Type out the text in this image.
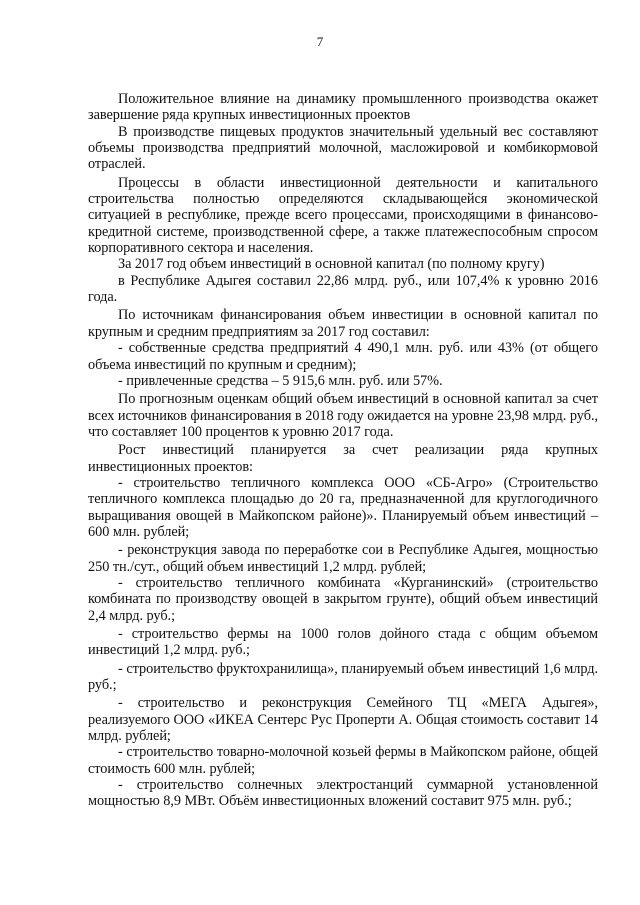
7

Положительное влияние на динамику промышленного производства окажет завершение ряда крупных инвестиционных проектов

В производстве пищевых продуктов значительный удельный вес составляют объемы производства предприятий молочной, масложировой и комбикормовой отраслей.

Процессы в области инвестиционной деятельности и капитального строительства полностью определяются складывающейся экономической ситуацией в республике, прежде всего процессами, происходящими в финансово-кредитной системе, производственной сфере, а также платежеспособным спросом корпоративного сектора и населения.

За 2017 год объем инвестиций в основной капитал (по полному кругу)

в Республике Адыгея составил 22,86 млрд. руб., или 107,4% к уровню 2016 года.

По источникам финансирования объем инвестиции в основной капитал по крупным и средним предприятиям за 2017 год составил:

- собственные средства предприятий 4 490,1 млн. руб. или 43% (от общего объема инвестиций по крупным и средним);

- привлеченные средства – 5 915,6 млн. руб. или 57%.

По прогнозным оценкам общий объем инвестиций в основной капитал за счет всех источников финансирования в 2018 году ожидается на уровне 23,98 млрд. руб., что составляет 100 процентов к уровню 2017 года.

Рост инвестиций планируется за счет реализации ряда крупных инвестиционных проектов:

- строительство тепличного комплекса ООО «СБ-Агро» (Строительство тепличного комплекса площадью до 20 га, предназначенной для круглогодичного выращивания овощей в Майкопском районе)». Планируемый объем инвестиций – 600 млн. рублей;

- реконструкция завода по переработке сои в Республике Адыгея, мощностью 250 тн./сут., общий объем инвестиций 1,2 млрд. рублей;

- строительство тепличного комбината «Курганинский» (строительство комбината по производству овощей в закрытом грунте), общий объем инвестиций 2,4 млрд. руб.;

- строительство фермы на 1000 голов дойного стада с общим объемом инвестиций 1,2 млрд. руб.;

- строительство фруктохранилища», планируемый объем инвестиций 1,6 млрд. руб.;

- строительство и реконструкция Семейного ТЦ «МЕГА Адыгея», реализуемого ООО «ИКЕА Сентерс Рус Проперти А. Общая стоимость составит 14 млрд. рублей;

- строительство товарно-молочной козьей фермы в Майкопском районе, общей стоимость 600 млн. рублей;

- строительство солнечных электростанций суммарной установленной мощностью 8,9 МВт. Объём инвестиционных вложений составит 975 млн. руб.;
